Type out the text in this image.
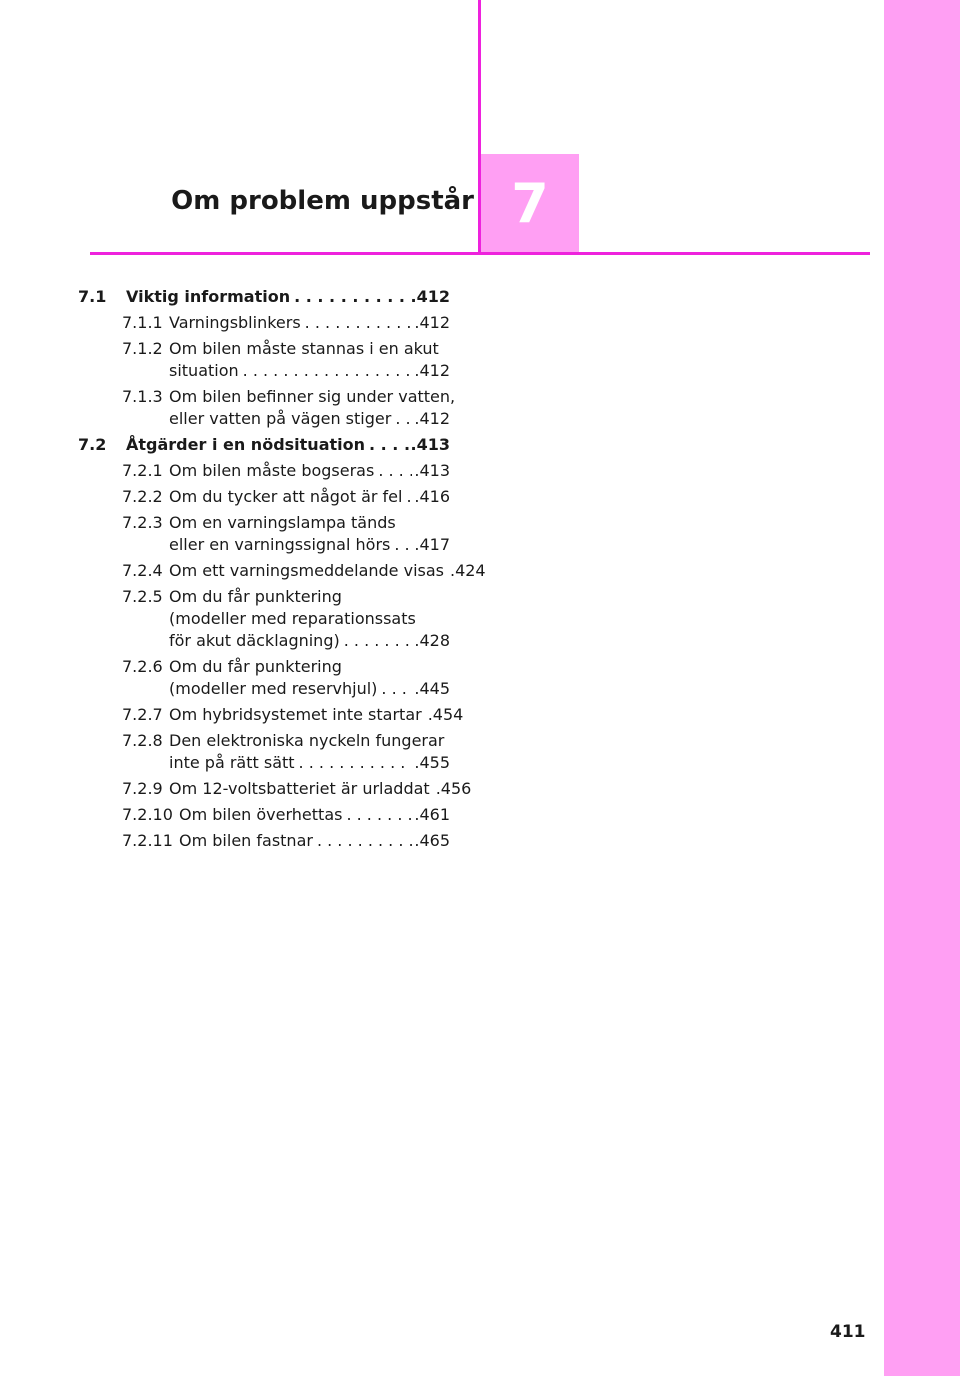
7
Om problem uppstår
7.1	Viktig information . . .	.412
7.1.1 Varningsblinkers . . .	.412
7.1.2 Om bilen måste stannas i en akut
situation . . .	.412
7.1.3 Om bilen befinner sig under vatten,
eller vatten på vägen stiger . . . .412
7.2	Åtgärder i en nödsituation . . .	.413
7.2.1 Om bilen måste bogseras . . .	.413
7.2.2 Om du tycker att något är fel . . . .416
7.2.3 Om en varningslampa tänds
eller en varningssignal hörs . . . .417
7.2.4 Om ett varningsmeddelande visas . . . .424
7.2.5 Om du får punktering
(modeller med reparationssats
för akut däcklagning) . . .	.428
7.2.6 Om du får punktering
(modeller med reservhjul) . . . .445
7.2.7 Om hybridsystemet inte startar . . . .454
7.2.8 Den elektroniska nyckeln fungerar
inte på rätt sätt . . .	.455
7.2.9 Om 12-voltsbatteriet är urladdat . . . .456
7.2.10 Om bilen överhettas . . .	.461
7.2.11 Om bilen fastnar . . .	.465
411
